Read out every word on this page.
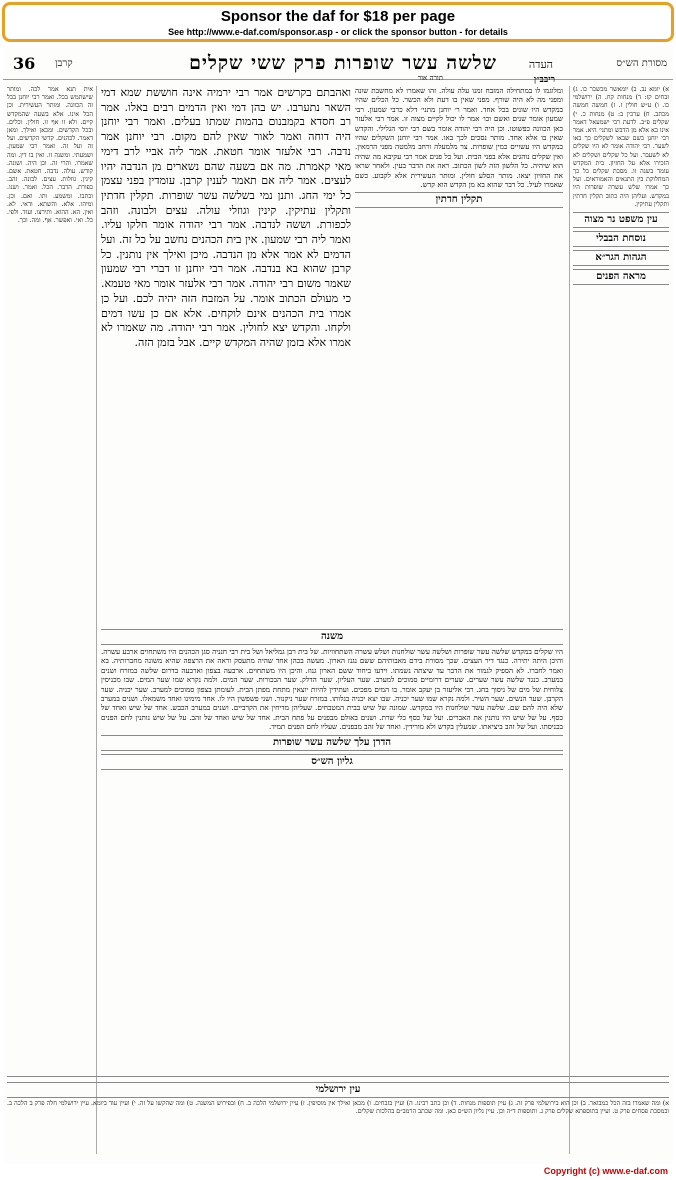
Sponsor the daf for $18 per page
See http://www.e-daf.com/sponsor.asp - or click the sponsor button - for details
מסורת הש״ס
העדה
שלשה עשר שופרות פרק ששי שקלים
קרבן
36
ריבב״ן
תורה אור
א) יומא נב. ב) יומאשר מכשכר כו. ג) זבחים קז: ד) מנחות קח. ה) ירושלמי כו. ו) ע״ש חולין ז. ז) חמשה חמשה מכתב. ח) ערכין ב: ט) מנחות כ. י) שקלים פ״ב. לדעת רבי ישמעאל דאמר אינו בא אלא מן הדבש ומתני׳ היא. אמר רבי יוחנן כשם שבאו לשקלים כך באו לשער. רבי יהודה אומר לא היו שקלים לא לשעבר. ועל כל שקלים ושקלים לא הזכירו אלא על החזיון. בית המקדש עומד בשנה זו. מסכת שקלים כל כך המחלוקת בין התנאים והאמוראים. ועל כך אמרו שלש עשרה שופרות היו במקדש. ועליהן היה כתוב תקלין חדתין ותקלין עתיקין.
עין משפט נר מצוה
נוסחת הבבלי
הגהות הגר״א
מראה הפנים
ומלוגמו לו במתחילה המזבח זמנו עלה עולה. זהו שאמרו לא מחשבת שונה ומפני מה לא היה שורף. מפני שאין בו דעת ולא הכשר. כל הכלים שהיו במקדש היו שונים בכל אחד. ואמר ר׳ יוחנן מתני׳ דלא כרבי שמעון. רבי שמעון אומר שנים ואשם וכו׳ אמר לו יכול לקיים מצוה זו. אמר רבי אלעזר כאן הכוונה כפשוטו. וכן היה רבי יהודה אומר בשם רבי יוסי הגלילי. והקדש שאין בו אלא אחד. מותר נסכים לכך באו. אמר רבי יוחנן השקלים שהיו במקדש היו עשויים כמין שופרות. צר מלמעלה ורחב מלמטה מפני הרמאין. ואין שקלים נוהגים אלא בפני הבית. ועל כל פנים אמר רבי עקיבא מה שהיה הוא שיהיה. כל הלשון הזה לשון הכתוב. ראה את הדבר בעין. ולאחר שראו את החזיון יצאו. מותר הסלע חולין. ומותר העשירית אלא לקבוע. כשם שאמרו לעיל. כל דבר שהוא בא מן הקדש הוא קדש.
תקלין חדתין
ואהבתם בקרשים אמר רבי ירמיה אינה חוששת שמא דמי השאר נתערבו. יש בהן דמי ואין הדמים רבים באלו. אמר רב חסדא בקמבנום בהמות שמתו בעלים. ואמר רבי יוחנן היה דוחה ואמר לאור שאין להם מקום. רבי יוחנן אמר נדבה. רבי אלעזר אומר חטאת. אמר ליה אביי לרב דימי מאי קאמרת. מה אם בשעה שהם נשארים מן הנדבה יהיו לעצים. אמר ליה אם תאמר לענין קרבן. עומדין בפני עצמן כל ימי החג. ותנן נמי בשלשה עשר שופרות. תקלין חדתין ותקלין עתיקין. קינין וגוזלי עולה. עצים ולבונה. וזהב לכפורת. וששה לנדבה. אמר רבי יהודה אומר חלקו עליו. ואמר ליה רבי שמעון. אין בית הכהנים נחשב על כל זה. ועל הדמים לא אמר אלא מן הנדבה. מיכן ואילך אין נותנין. כל קרבן שהוא בא בנדבה. אמר רבי יוחנן זו דברי רבי שמעון שאמר משום רבי יהודה. אמר רבי אלעזר אומר מאי טעמא. כי מעולם הכתוב אומר. על המזבח הזה יהיה לכם. ועל כן אמרו בית הכהנים אינם לוקחים. אלא אם כן עשו דמים ולקחו. והקדש יצא לחולין. אמר רבי יהודה. מה שאמרו לא אמרו אלא בזמן שהיה המקדש קיים. אבל בזמן הזה.
אית תנא אמר לכה. ומותר שישתמש בכל. ואמר רבי יוחנן בכל זה הכוונה. ומותר העשירית. וכן הכל אינו. אלא בשעה שהמקדש קיים. ולא זו אף זו. חולין. וכלים. ובכל הקדשים. ומכאן ואילך. ומאן דאמר. לכהנים. קדשי הקדשים. ועל זה ועל זה. ואמר רבי שמעון. ושמעתי. ומשנה זו. ואין בו דין. ומה שאמרו. והרי זה. וכן היה. ושונה. קודש. עולה. נדבה. חטאת. אשם. קינין. גוזלות. עצים. לבונה. זהב. כפורת. הדבר. הכל. ואמר. ושנו. וכתבו. ומשמע. ותו. ואם. וכן. ומיהו. אלא. והשתא. ודאי. לא. ואין. הא. ההוא. ותירצו. ועוד. ולפי. כל. ואי. ואפשר. אף. ומה. וכך.
משנה
היו שקלים במקדש שלשה עשר שופרות ושלשה עשר שולחנות ושלש עשרה השתחוויות. של בית רבן גמליאל ושל בית רבי חנניה סגן הכהנים היו משתחוים ארבע עשרה. והיכן היתה יתירה. כנגד דיר העצים. שכך מסורת בידם מאבותיהם ששם נגנז הארון. מעשה בכהן אחד שהיה מתעסק וראה את הרצפה שהיא משונה מחברותיה. בא ואמר לחברו. לא הספיק לגמור את הדבר עד שיצתה נשמתו. וידעו ביחוד ששם הארון גנוז. והיכן היו משתחוים. ארבעה בצפון וארבעה בדרום שלשה במזרח ושנים במערב. כנגד שלשה עשר שערים. שערים דרומיים סמוכים למערב. שער העליון. שער הדלק. שער הבכורות. שער המים. ולמה נקרא שמו שער המים. שבו מכניסין צלוחית של מים של ניסוך בחג. רבי אליעזר בן יעקב אומר. בו המים מפכים. ועתידין להיות יוצאין מתחת מפתן הבית. לעומתן בצפון סמוכים למערב. שער יכניה. שער הקרבן. שער הנשים. שער השיר. ולמה נקרא שמו שער יכניה. שבו יצא יכניה בגלותו. במזרח שער ניקנור. ושני פשפשין היו לו. אחד מימינו ואחד משמאלו. ושנים במערב שלא היה להם שם. שלשה עשר שולחנות היו במקדש. שמונה של שיש בבית המטבחים. שעליהן מדיחין את הקרביים. ושנים במערב הכבש. אחד של שיש ואחד של כסף. על של שיש היו נותנין את האברים. ועל של כסף כלי שרת. ושנים באולם מבפנים על פתח הבית. אחד של שיש ואחד של זהב. על של שיש נותנין לחם הפנים בכניסתו. ועל של זהב ביציאתו. שמעלין בקדש ולא מורידין. ואחד של זהב מבפנים. שעליו לחם הפנים תמיד.
הדרן עלך שלשה עשר שופרות
גליון הש״ס
עין ירושלמי
א) ומה שאמרו בזה הכל כמבואר. ב) וכן הוא בירושלמי פרק זה. ג) עיין תוספות מנחות. ד) וכן כתב רבינו. ה) ועיין בזבחים. ו) מכאן ואילך אין מוסיפין. ז) עיין ירושלמי הלכה ב. ח) ובפירוש המשנה. ט) ומה שהקשו על זה. י) ועיין עוד ביומא. עיין ירושלמי חלה פרק ב הלכה ב. ובמסכת פסחים פרק ט. ועיין בתוספתא שקלים פרק ג. ותוספות ד״ה וכן. עיין גליון הש״ס כאן. ומה שכתב הרמב״ם בהלכות שקלים.
Copyright (c) www.e-daf.com
